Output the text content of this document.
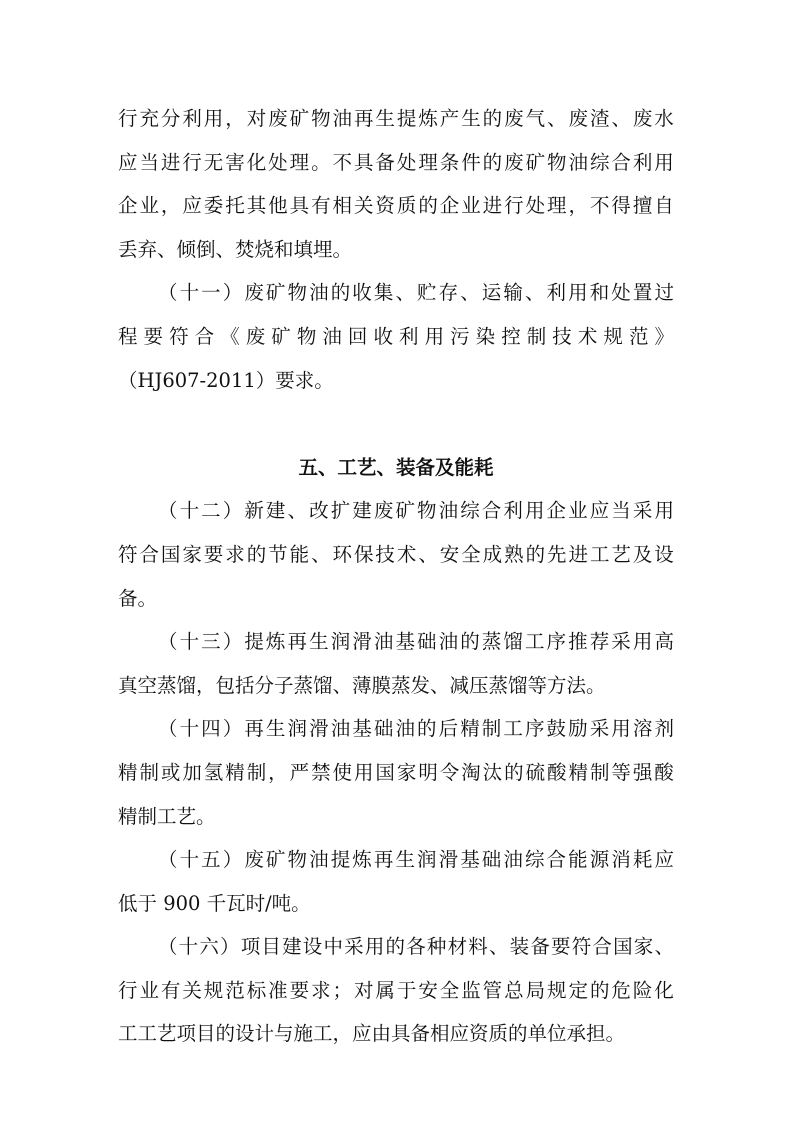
行充分利用，对废矿物油再生提炼产生的废气、废渣、废水
应当进行无害化处理。不具备处理条件的废矿物油综合利用
企业，应委托其他具有相关资质的企业进行处理，不得擅自
丢弃、倾倒、焚烧和填埋。
（十一）废矿物油的收集、贮存、运输、利用和处置过
程要符合《废矿物油回收利用污染控制技术规范》
（HJ607-2011）要求。
五、工艺、装备及能耗
（十二）新建、改扩建废矿物油综合利用企业应当采用
符合国家要求的节能、环保技术、安全成熟的先进工艺及设
备。
（十三）提炼再生润滑油基础油的蒸馏工序推荐采用高
真空蒸馏，包括分子蒸馏、薄膜蒸发、减压蒸馏等方法。
（十四）再生润滑油基础油的后精制工序鼓励采用溶剂
精制或加氢精制，严禁使用国家明令淘汰的硫酸精制等强酸
精制工艺。
（十五）废矿物油提炼再生润滑基础油综合能源消耗应
低于 900 千瓦时/吨。
（十六）项目建设中采用的各种材料、装备要符合国家、
行业有关规范标准要求；对属于安全监管总局规定的危险化
工工艺项目的设计与施工，应由具备相应资质的单位承担。
